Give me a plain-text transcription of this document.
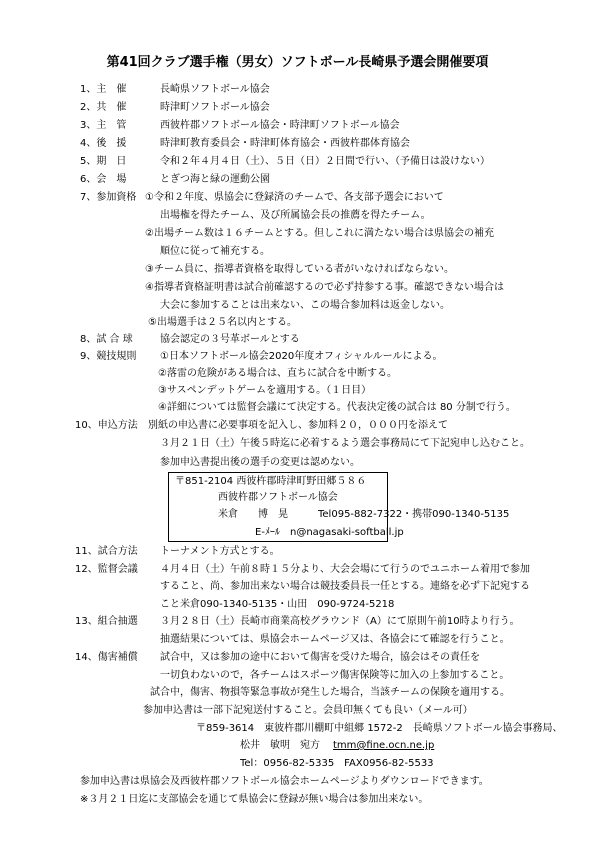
第41回クラブ選手権（男女）ソフトボール長崎県予選会開催要項
1、主　催	長崎県ソフトボール協会
2、共　催	時津町ソフトボール協会
3、主　管	西彼杵郡ソフトボール協会・時津町ソフトボール協会
4、後　援	時津町教育委員会・時津町体育協会・西彼杵郡体育協会
5、期　日	令和２年４月４日（土）、５日（日）２日間で行い、（予備日は設けない）
6、会　場	とぎつ海と緑の運動公園
7、参加資格 ①令和２年度、県協会に登録済のチームで、各支部予選会において
出場権を得たチーム、及び所属協会長の推薦を得たチーム。
②出場チーム数は１６チームとする。但しこれに満たない場合は県協会の補充
順位に従って補充する。
③チーム員に、指導者資格を取得している者がいなければならない。
④指導者資格証明書は試合前確認するので必ず持参する事。確認できない場合は
大会に参加することは出来ない、この場合参加料は返金しない。
⑤出場選手は２５名以内とする。
8、試 合 球	協会認定の３号革ボールとする
9、競技規則 ①日本ソフトボール協会2020年度オフィシャルルールによる。
②落雷の危険がある場合は、直ちに試合を中断する。
③サスペンデットゲームを適用する。（１日目）
④詳細については監督会議にて決定する。代表決定後の試合は 80 分制で行う。
10、申込方法 別紙の申込書に必要事項を記入し、参加料２０，０００円を添えて
３月２１日（土）午後５時迄に必着するよう選会事務局にて下記宛申し込むこと。
参加申込書提出後の選手の変更は認めない。
〒851-2104 西彼杵郡時津町野田郷５８６
西彼杵郡ソフトボール協会
米倉　　博　晃	Tel095-882-7322・携帯090-1340-5135
E-ﾒｰﾙ n@nagasaki-softball.jp
11、試合方法 トーナメント方式とする。
12、監督会議 ４月４日（土）午前８時１５分より、大会会場にて行うのでユニホーム着用で参加
すること、尚、参加出来ない場合は競技委員長一任とする。連絡を必ず下記宛する
こと米倉090-1340-5135・山田　090-9724-5218
13、組合抽選 ３月２８日（土）長崎市商業高校グラウンド（A）にて原則午前10時より行う。
抽選結果については、県協会ホームページ又は、各協会にて確認を行うこと。
14、傷害補償 試合中，又は参加の途中において傷害を受けた場合，協会はその責任を
一切負わないので，各チームはスポーツ傷害保険等に加入の上参加すること。
試合中，傷害、物損等緊急事故が発生した場合，当該チームの保険を適用する。
参加申込書は一部下記宛送付すること。会員印無くても良い（メール可）
〒859-3614　東彼杵郡川棚町中組郷 1572-2　長崎県ソフトボール協会事務局、
松井　敏明　宛方 tmm@fine.ocn.ne.jp
Tel：0956-82-5335　FAX0956-82-5533
参加申込書は県協会及西彼杵郡ソフトボール協会ホームページよりダウンロードできます。
※３月２１日迄に支部協会を通じて県協会に登録が無い場合は参加出来ない。
